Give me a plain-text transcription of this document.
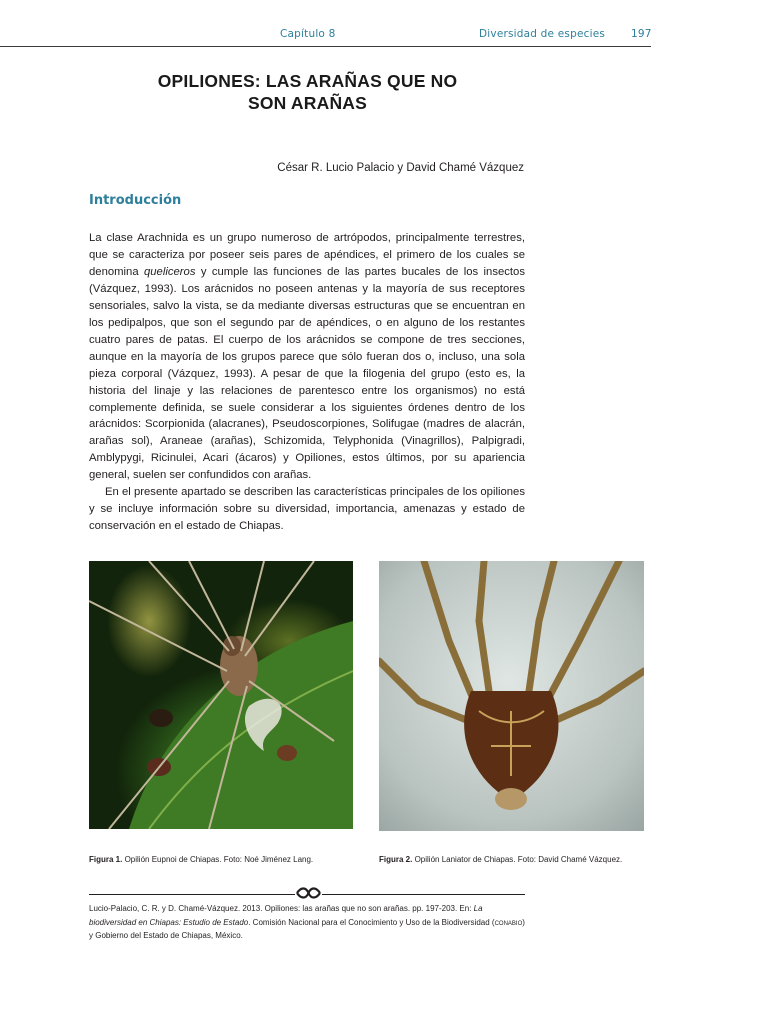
Capítulo 8	Diversidad de especies 197
OPILIONES: LAS ARAÑAS QUE NO
SON ARAÑAS
César R. Lucio Palacio y David Chamé Vázquez
Introducción

La clase Arachnida es un grupo numeroso de artrópodos, principalmente terrestres, que se caracteriza por poseer seis pares de apéndices, el primero de los cuales se denomina queliceros y cumple las funciones de las partes bucales de los insectos (Vázquez, 1993). Los arácnidos no poseen antenas y la mayoría de sus receptores sensoriales, salvo la vista, se da mediante diversas estructuras que se encuentran en los pedipalpos, que son el segundo par de apéndices, o en alguno de los restantes cuatro pares de patas. El cuerpo de los arácnidos se compone de tres secciones, aunque en la mayoría de los grupos parece que sólo fueran dos o, incluso, una sola pieza corporal (Vázquez, 1993). A pesar de que la filogenia del grupo (esto es, la historia del linaje y las relaciones de parentesco entre los organismos) no está complemente definida, se suele considerar a los siguientes órdenes dentro de los arácnidos: Scorpionida (alacranes), Pseudoscorpiones, Solifugae (madres de alacrán, arañas sol), Araneae (arañas), Schizomida, Telyphonida (Vinagrillos), Palpigradi, Amblypygi, Ricinulei, Acari (ácaros) y Opiliones, estos últimos, por su apariencia general, suelen ser confundidos con arañas.

En el presente apartado se describen las características principales de los opiliones y se incluye información sobre su diversidad, importancia, amenazas y estado de conservación en el estado de Chiapas.

Figura 1. Opilión Eupnoi de Chiapas. Foto: Noé Jiménez Lang.	Figura 2. Opilión Laniator de Chiapas. Foto: David Chamé Vázquez.
Lucio-Palacio, C. R. y D. Chamé-Vázquez. 2013. Opiliones: las arañas que no son arañas. pp. 197-203. En: La biodiversidad en Chiapas: Estudio de Estado. Comisión Nacional para el Conocimiento y Uso de la Biodiversidad (conabio) y Gobierno del Estado de Chiapas, México.
